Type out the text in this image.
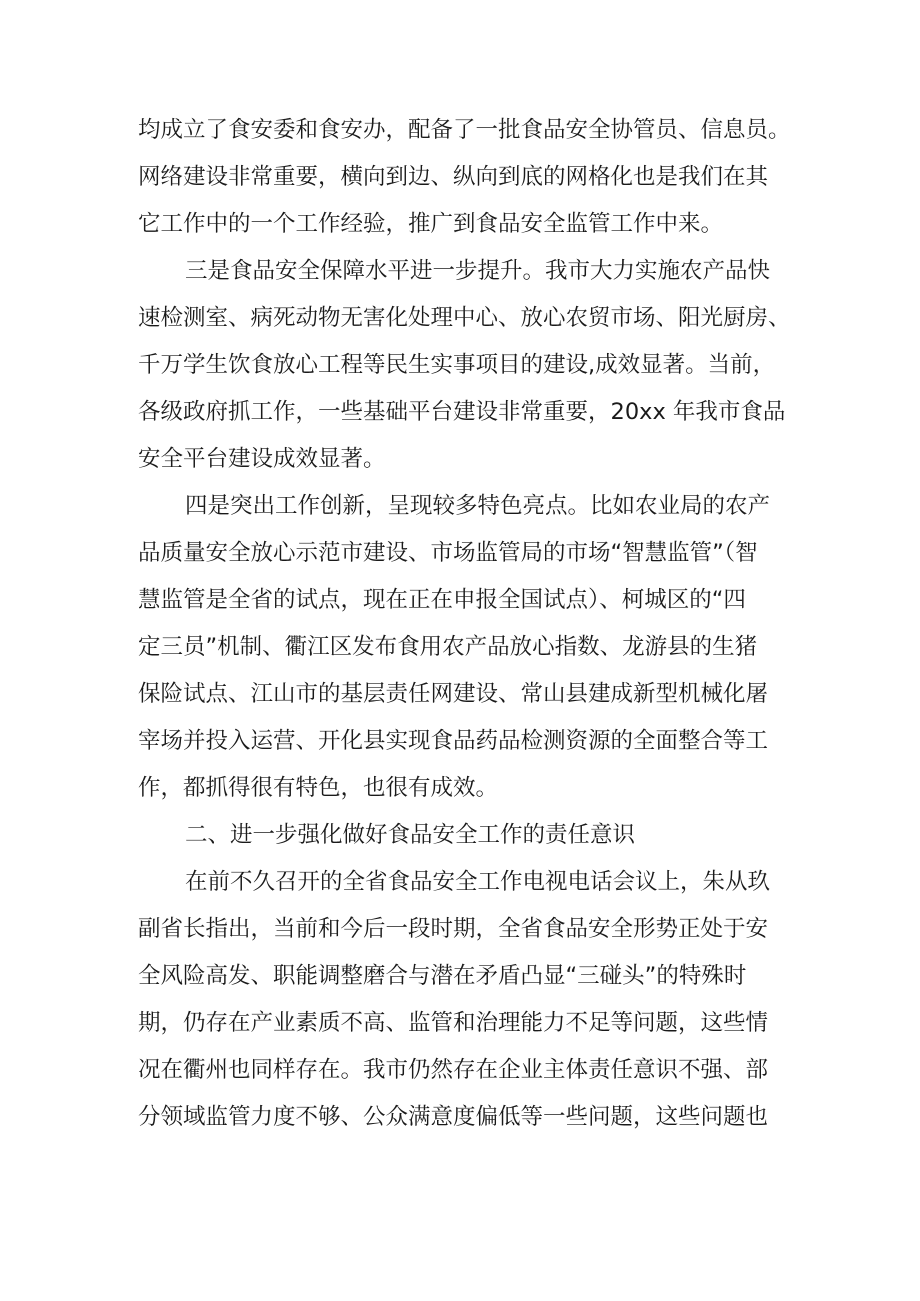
均成立了食安委和食安办，配备了一批食品安全协管员、信息员。
网络建设非常重要，横向到边、纵向到底的网格化也是我们在其
它工作中的一个工作经验，推广到食品安全监管工作中来。
三是食品安全保障水平进一步提升。我市大力实施农产品快
速检测室、病死动物无害化处理中心、放心农贸市场、阳光厨房、
千万学生饮食放心工程等民生实事项目的建设,成效显著。当前，
各级政府抓工作，一些基础平台建设非常重要，20xx 年我市食品
安全平台建设成效显著。
四是突出工作创新，呈现较多特色亮点。比如农业局的农产
品质量安全放心示范市建设、市场监管局的市场“智慧监管”（智
慧监管是全省的试点，现在正在申报全国试点）、柯城区的“四
定三员”机制、衢江区发布食用农产品放心指数、龙游县的生猪
保险试点、江山市的基层责任网建设、常山县建成新型机械化屠
宰场并投入运营、开化县实现食品药品检测资源的全面整合等工
作，都抓得很有特色，也很有成效。
二、进一步强化做好食品安全工作的责任意识
在前不久召开的全省食品安全工作电视电话会议上，朱从玖
副省长指出，当前和今后一段时期，全省食品安全形势正处于安
全风险高发、职能调整磨合与潜在矛盾凸显“三碰头”的特殊时
期，仍存在产业素质不高、监管和治理能力不足等问题，这些情
况在衢州也同样存在。我市仍然存在企业主体责任意识不强、部
分领域监管力度不够、公众满意度偏低等一些问题，这些问题也
